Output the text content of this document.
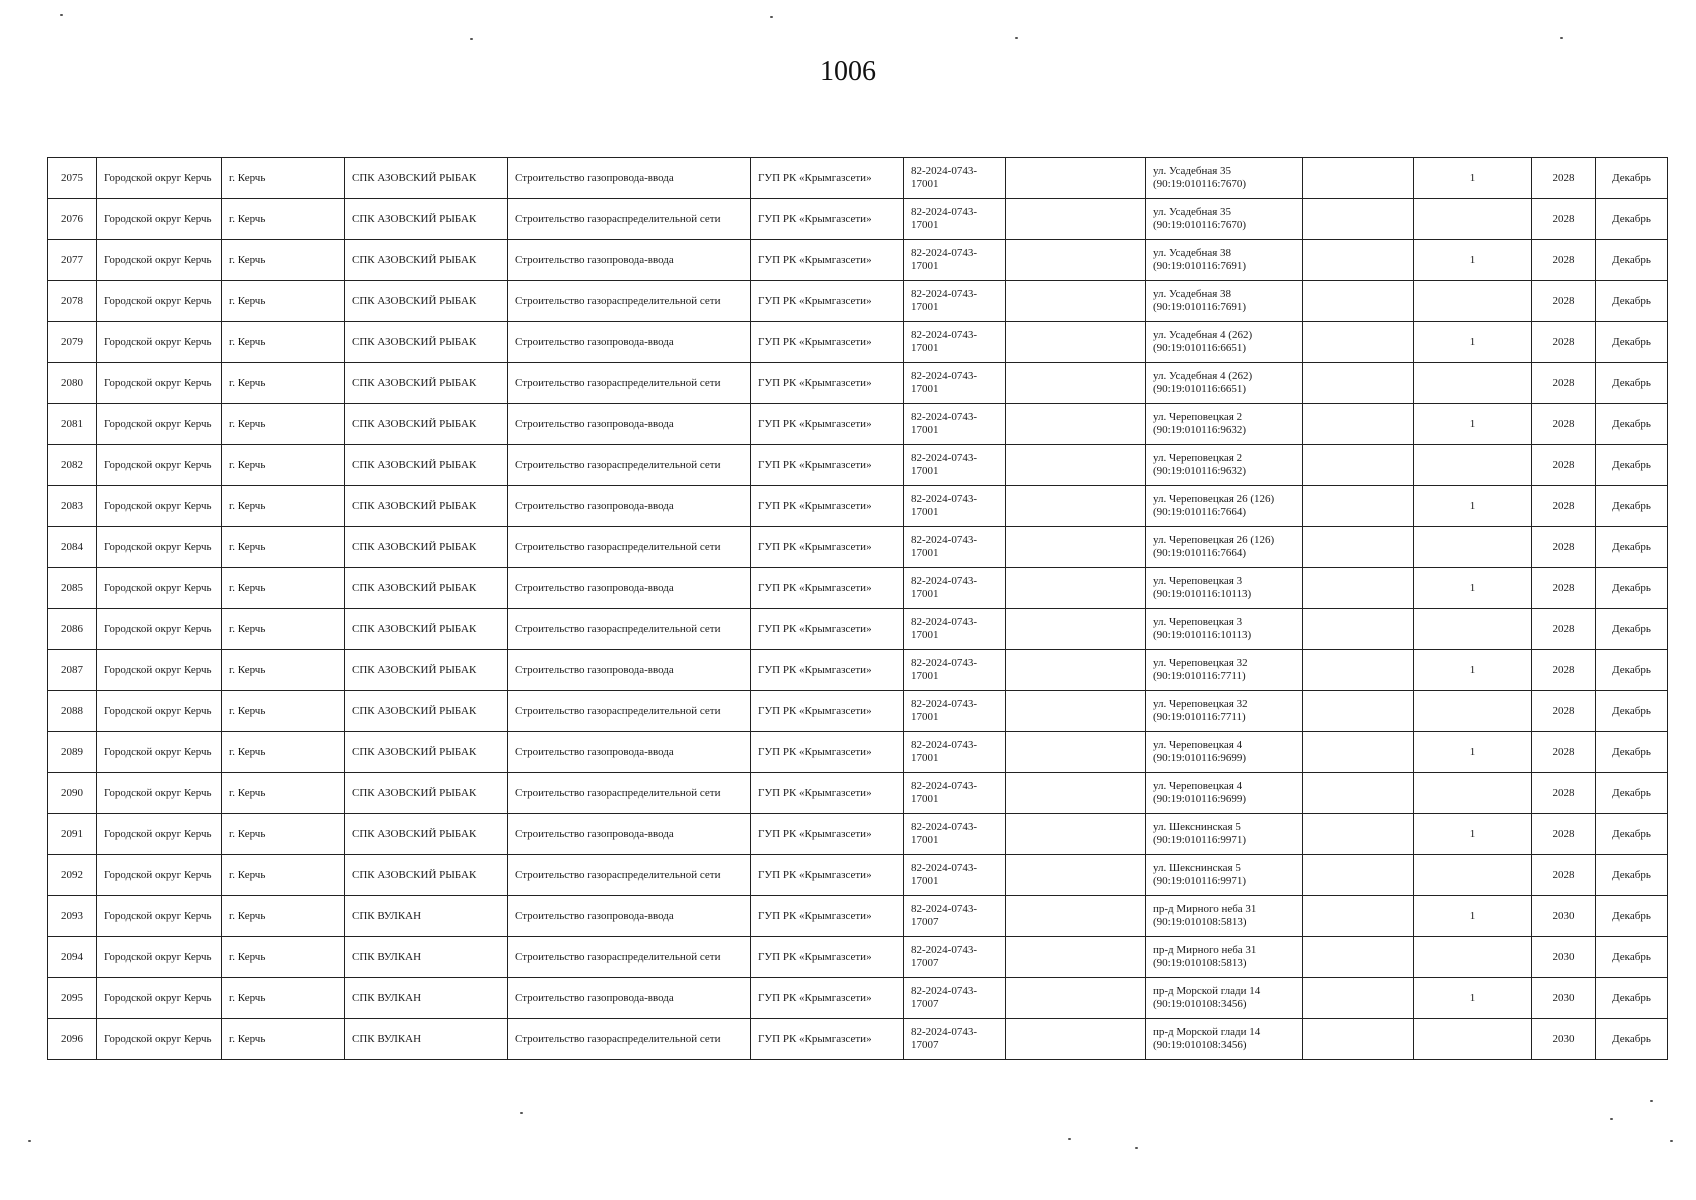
1006
2075	Городской округ Керчь	г. Керчь	СПК АЗОВСКИЙ РЫБАК	Строительство газопровода-ввода	ГУП РК «Крымгазсети»	82-2024-0743-17001		ул. Усадебная 35 (90:19:010116:7670)		1	2028	Декабрь
2076	Городской округ Керчь	г. Керчь	СПК АЗОВСКИЙ РЫБАК	Строительство газораспределительной сети	ГУП РК «Крымгазсети»	82-2024-0743-17001		ул. Усадебная 35 (90:19:010116:7670)			2028	Декабрь
2077	Городской округ Керчь	г. Керчь	СПК АЗОВСКИЙ РЫБАК	Строительство газопровода-ввода	ГУП РК «Крымгазсети»	82-2024-0743-17001		ул. Усадебная 38 (90:19:010116:7691)		1	2028	Декабрь
2078	Городской округ Керчь	г. Керчь	СПК АЗОВСКИЙ РЫБАК	Строительство газораспределительной сети	ГУП РК «Крымгазсети»	82-2024-0743-17001		ул. Усадебная 38 (90:19:010116:7691)			2028	Декабрь
2079	Городской округ Керчь	г. Керчь	СПК АЗОВСКИЙ РЫБАК	Строительство газопровода-ввода	ГУП РК «Крымгазсети»	82-2024-0743-17001		ул. Усадебная 4 (262) (90:19:010116:6651)		1	2028	Декабрь
2080	Городской округ Керчь	г. Керчь	СПК АЗОВСКИЙ РЫБАК	Строительство газораспределительной сети	ГУП РК «Крымгазсети»	82-2024-0743-17001		ул. Усадебная 4 (262) (90:19:010116:6651)			2028	Декабрь
2081	Городской округ Керчь	г. Керчь	СПК АЗОВСКИЙ РЫБАК	Строительство газопровода-ввода	ГУП РК «Крымгазсети»	82-2024-0743-17001		ул. Череповецкая 2 (90:19:010116:9632)		1	2028	Декабрь
2082	Городской округ Керчь	г. Керчь	СПК АЗОВСКИЙ РЫБАК	Строительство газораспределительной сети	ГУП РК «Крымгазсети»	82-2024-0743-17001		ул. Череповецкая 2 (90:19:010116:9632)			2028	Декабрь
2083	Городской округ Керчь	г. Керчь	СПК АЗОВСКИЙ РЫБАК	Строительство газопровода-ввода	ГУП РК «Крымгазсети»	82-2024-0743-17001		ул. Череповецкая 26 (126) (90:19:010116:7664)		1	2028	Декабрь
2084	Городской округ Керчь	г. Керчь	СПК АЗОВСКИЙ РЫБАК	Строительство газораспределительной сети	ГУП РК «Крымгазсети»	82-2024-0743-17001		ул. Череповецкая 26 (126) (90:19:010116:7664)			2028	Декабрь
2085	Городской округ Керчь	г. Керчь	СПК АЗОВСКИЙ РЫБАК	Строительство газопровода-ввода	ГУП РК «Крымгазсети»	82-2024-0743-17001		ул. Череповецкая 3 (90:19:010116:10113)		1	2028	Декабрь
2086	Городской округ Керчь	г. Керчь	СПК АЗОВСКИЙ РЫБАК	Строительство газораспределительной сети	ГУП РК «Крымгазсети»	82-2024-0743-17001		ул. Череповецкая 3 (90:19:010116:10113)			2028	Декабрь
2087	Городской округ Керчь	г. Керчь	СПК АЗОВСКИЙ РЫБАК	Строительство газопровода-ввода	ГУП РК «Крымгазсети»	82-2024-0743-17001		ул. Череповецкая 32 (90:19:010116:7711)		1	2028	Декабрь
2088	Городской округ Керчь	г. Керчь	СПК АЗОВСКИЙ РЫБАК	Строительство газораспределительной сети	ГУП РК «Крымгазсети»	82-2024-0743-17001		ул. Череповецкая 32 (90:19:010116:7711)			2028	Декабрь
2089	Городской округ Керчь	г. Керчь	СПК АЗОВСКИЙ РЫБАК	Строительство газопровода-ввода	ГУП РК «Крымгазсети»	82-2024-0743-17001		ул. Череповецкая 4 (90:19:010116:9699)		1	2028	Декабрь
2090	Городской округ Керчь	г. Керчь	СПК АЗОВСКИЙ РЫБАК	Строительство газораспределительной сети	ГУП РК «Крымгазсети»	82-2024-0743-17001		ул. Череповецкая 4 (90:19:010116:9699)			2028	Декабрь
2091	Городской округ Керчь	г. Керчь	СПК АЗОВСКИЙ РЫБАК	Строительство газопровода-ввода	ГУП РК «Крымгазсети»	82-2024-0743-17001		ул. Шекснинская 5 (90:19:010116:9971)		1	2028	Декабрь
2092	Городской округ Керчь	г. Керчь	СПК АЗОВСКИЙ РЫБАК	Строительство газораспределительной сети	ГУП РК «Крымгазсети»	82-2024-0743-17001		ул. Шекснинская 5 (90:19:010116:9971)			2028	Декабрь
2093	Городской округ Керчь	г. Керчь	СПК ВУЛКАН	Строительство газопровода-ввода	ГУП РК «Крымгазсети»	82-2024-0743-17007		пр-д Мирного неба 31 (90:19:010108:5813)		1	2030	Декабрь
2094	Городской округ Керчь	г. Керчь	СПК ВУЛКАН	Строительство газораспределительной сети	ГУП РК «Крымгазсети»	82-2024-0743-17007		пр-д Мирного неба 31 (90:19:010108:5813)			2030	Декабрь
2095	Городской округ Керчь	г. Керчь	СПК ВУЛКАН	Строительство газопровода-ввода	ГУП РК «Крымгазсети»	82-2024-0743-17007		пр-д Морской глади 14 (90:19:010108:3456)		1	2030	Декабрь
2096	Городской округ Керчь	г. Керчь	СПК ВУЛКАН	Строительство газораспределительной сети	ГУП РК «Крымгазсети»	82-2024-0743-17007		пр-д Морской глади 14 (90:19:010108:3456)			2030	Декабрь
